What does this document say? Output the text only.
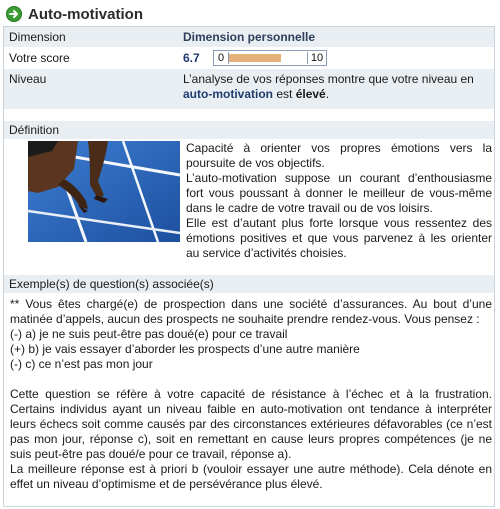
Auto-motivation
Dimension	Dimension personnelle
Votre score	6.7	0	10
Niveau	L’analyse de vos réponses montre que votre niveau en auto-motivation est élevé.
Définition

Capacité à orienter vos propres émotions vers la poursuite de vos objectifs.

L’auto-motivation suppose un courant d’enthousiasme fort vous poussant à donner le meilleur de vous-même dans le cadre de votre travail ou de vos loisirs.

Elle est d’autant plus forte lorsque vous ressentez des émotions positives et que vous parvenez à les orienter au service d’activités choisies.

Exemple(s) de question(s) associée(s)

** Vous êtes chargé(e) de prospection dans une société d’assurances. Au bout d’une matinée d’appels, aucun des prospects ne souhaite prendre rendez-vous. Vous pensez :

(-) a) je ne suis peut-être pas doué(e) pour ce travail

(+) b) je vais essayer d’aborder les prospects d’une autre manière

(-) c) ce n’est pas mon jour

Cette question se réfère à votre capacité de résistance à l’échec et à la frustration. Certains individus ayant un niveau faible en auto-motivation ont tendance à interpréter leurs échecs soit comme causés par des circonstances extérieures défavorables (ce n’est pas mon jour, réponse c), soit en remettant en cause leurs propres compétences (je ne suis peut-être pas doué/e pour ce travail, réponse a).

La meilleure réponse est à priori b (vouloir essayer une autre méthode). Cela dénote en effet un niveau d’optimisme et de persévérance plus élevé.
